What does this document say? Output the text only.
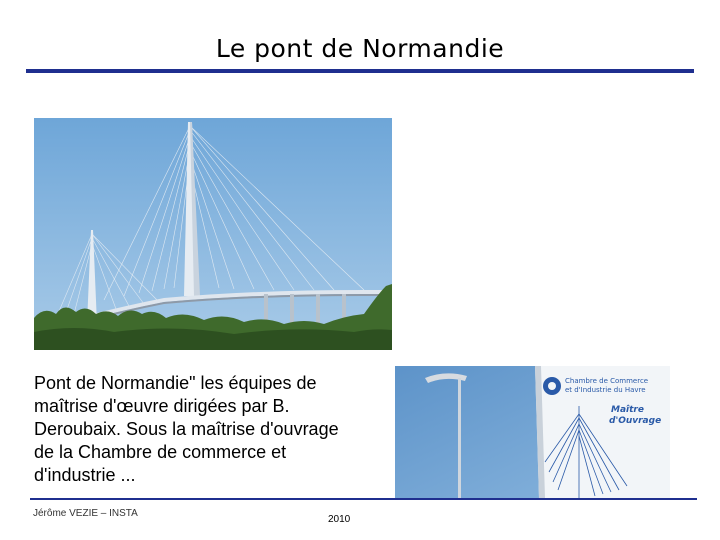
Le pont de Normandie
Chambre de Commerce
et d'Industrie du Havre
Maître
d'Ouvrage
Pont de Normandie" les équipes de maîtrise d'œuvre dirigées par B. Deroubaix. Sous la maîtrise d'ouvrage de la Chambre de commerce et d'industrie ...
Jérôme VEZIE – INSTA
2010
